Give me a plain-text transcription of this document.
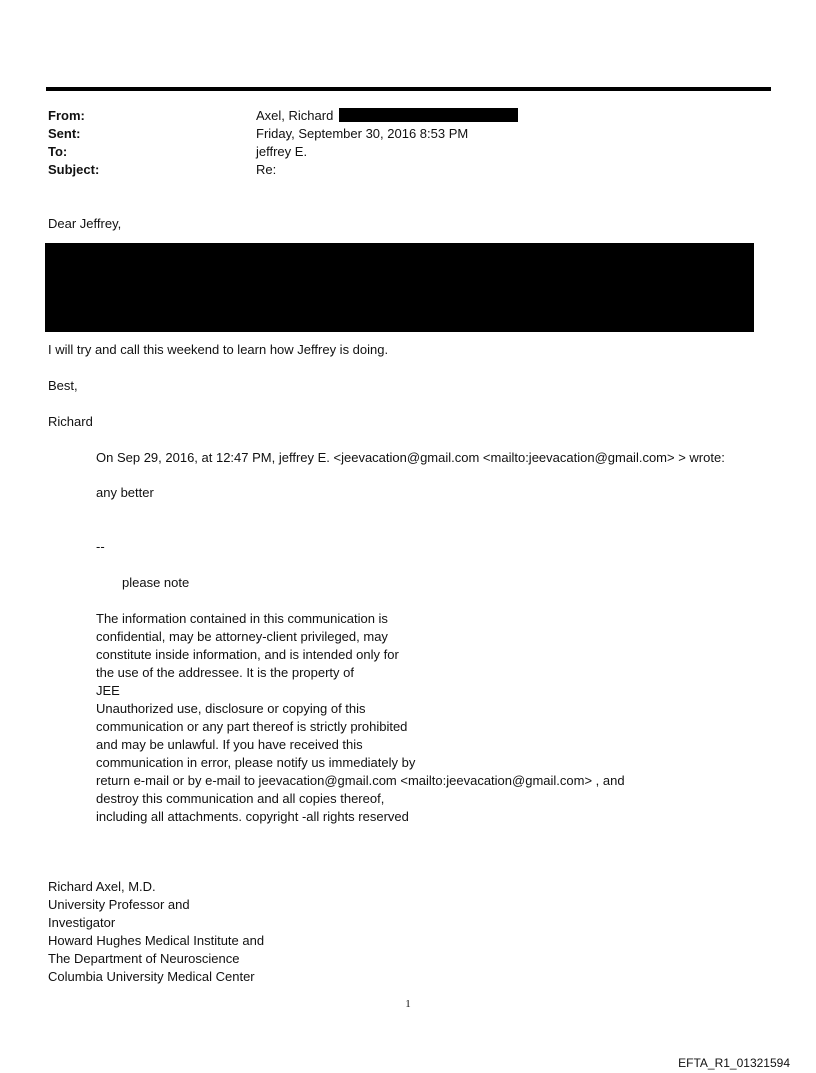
From:	Axel, Richard
Sent:	Friday, September 30, 2016 8:53 PM
To:	jeffrey E.
Subject:	Re:
Dear Jeffrey,
I will try and call this weekend to learn how Jeffrey is doing.
Best,
Richard
On Sep 29, 2016, at 12:47 PM, jeffrey E. <jeevacation@gmail.com <mailto:jeevacation@gmail.com> > wrote:
any better
--
please note
The information contained in this communication is
confidential, may be attorney-client privileged, may
constitute inside information, and is intended only for
the use of the addressee. It is the property of
JEE
Unauthorized use, disclosure or copying of this
communication or any part thereof is strictly prohibited
and may be unlawful. If you have received this
communication in error, please notify us immediately by
return e-mail or by e-mail to jeevacation@gmail.com <mailto:jeevacation@gmail.com> , and
destroy this communication and all copies thereof,
including all attachments. copyright -all rights reserved
Richard Axel, M.D.
University Professor and
Investigator
Howard Hughes Medical Institute and
The Department of Neuroscience
Columbia University Medical Center
1
EFTA_R1_01321594
